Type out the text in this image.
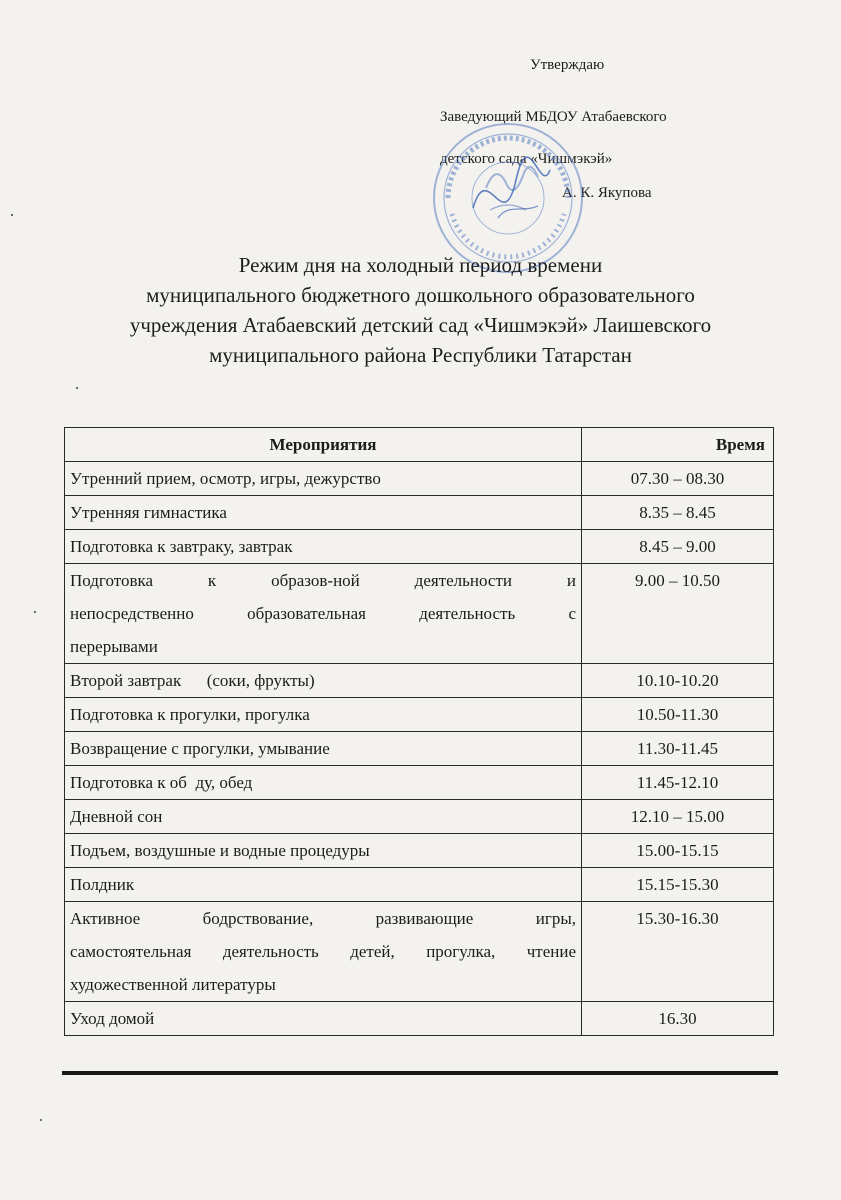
Утверждаю
Заведующий МБДОУ Атабаевского
детского сада «Чишмэкэй»
А. К. Якупова
Режим дня на холодный период времени
муниципального бюджетного дошкольного образовательного
учреждения Атабаевский детский сад «Чишмэкэй» Лаишевского
муниципального района Республики Татарстан
Мероприятия	Время
Утренний прием, осмотр, игры, дежурство	07.30 – 08.30
Утренняя гимнастика	8.35 – 8.45
Подготовка к завтраку, завтрак	8.45 – 9.00

Подготовка к образов-ной деятельности и
непосредственно образовательная деятельность с
перерывами	9.00 – 10.50
Второй завтрак      (соки, фрукты)	10.10-10.20
Подготовка к прогулки, прогулка	10.50-11.30
Возвращение с прогулки, умывание	11.30-11.45
Подготовка к об  ду, обед	11.45-12.10
Дневной сон	12.10 – 15.00
Подъем, воздушные и водные процедуры	15.00-15.15
Полдник	15.15-15.30

Активное бодрствование, развивающие игры,
самостоятельная деятельность детей, прогулка, чтение
художественной литературы	15.30-16.30
Уход домой	16.30
